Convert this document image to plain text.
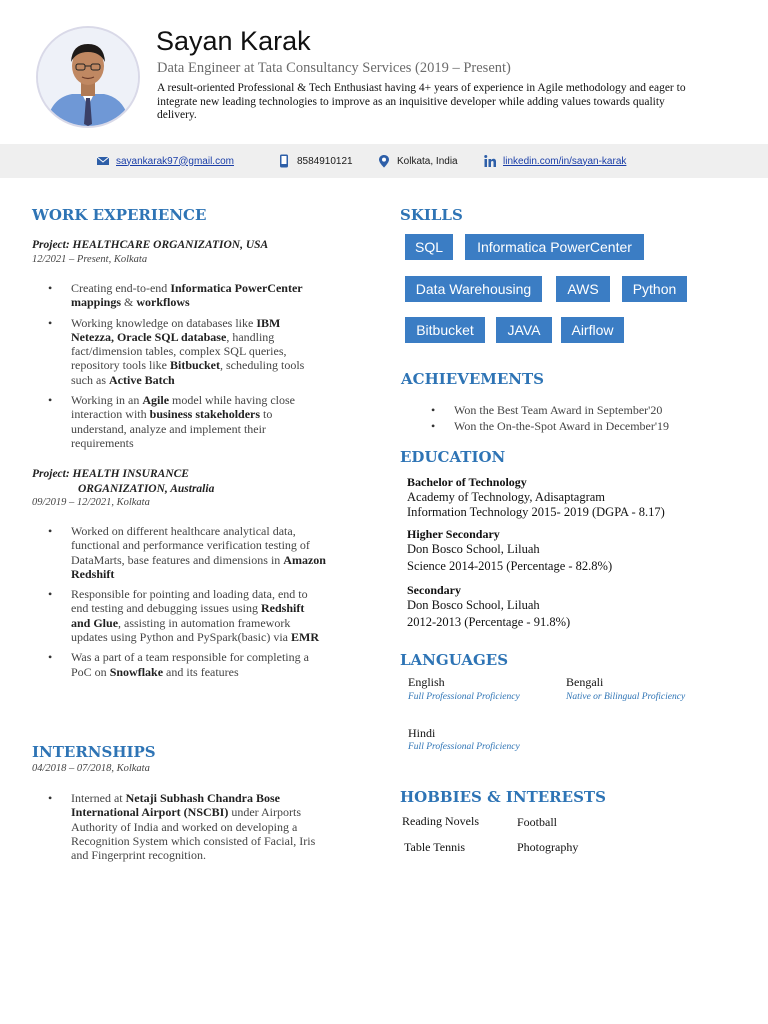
Sayan Karak
Data Engineer at Tata Consultancy Services (2019 – Present)
A result-oriented Professional & Tech Enthusiast having 4+ years of experience in Agile methodology and eager to integrate new leading technologies to improve as an inquisitive developer while adding values towards quality delivery.
sayankarak97@gmail.com	8584910121	Kolkata, India	linkedin.com/in/sayan-karak
WORK EXPERIENCE
Project: HEALTHCARE ORGANIZATION, USA
12/2021 – Present, Kolkata
• Creating end-to-end Informatica PowerCenter mappings & workflows
• Working knowledge on databases like IBM Netezza, Oracle SQL database, handling fact/dimension tables, complex SQL queries, repository tools like Bitbucket, scheduling tools such as Active Batch
• Working in an Agile model while having close interaction with business stakeholders to understand, analyze and implement their requirements
Project: HEALTH INSURANCE
ORGANIZATION, Australia
09/2019 – 12/2021, Kolkata
• Worked on different healthcare analytical data, functional and performance verification testing of DataMarts, base features and dimensions in Amazon Redshift
• Responsible for pointing and loading data, end to end testing and debugging issues using Redshift and Glue, assisting in automation framework updates using Python and PySpark(basic) via EMR
• Was a part of a team responsible for completing a PoC on Snowflake and its features
INTERNSHIPS
04/2018 – 07/2018, Kolkata
• Interned at Netaji Subhash Chandra Bose International Airport (NSCBI) under Airports Authority of India and worked on developing a Recognition System which consisted of Facial, Iris and Fingerprint recognition.
SKILLS
SQL	Informatica PowerCenter
Data Warehousing	AWS	Python
Bitbucket	JAVA	Airflow
ACHIEVEMENTS
• Won the Best Team Award in September'20
• Won the On-the-Spot Award in December'19
EDUCATION
Bachelor of Technology
Academy of Technology, Adisaptagram
Information Technology 2015- 2019 (DGPA - 8.17)
Higher Secondary
Don Bosco School, Liluah
Science 2014-2015 (Percentage - 82.8%)
Secondary
Don Bosco School, Liluah
2012-2013 (Percentage - 91.8%)
LANGUAGES
English
Full Professional Proficiency
Bengali
Native or Bilingual Proficiency
Hindi
Full Professional Proficiency
HOBBIES & INTERESTS
Reading Novels	Football
Table Tennis	Photography
